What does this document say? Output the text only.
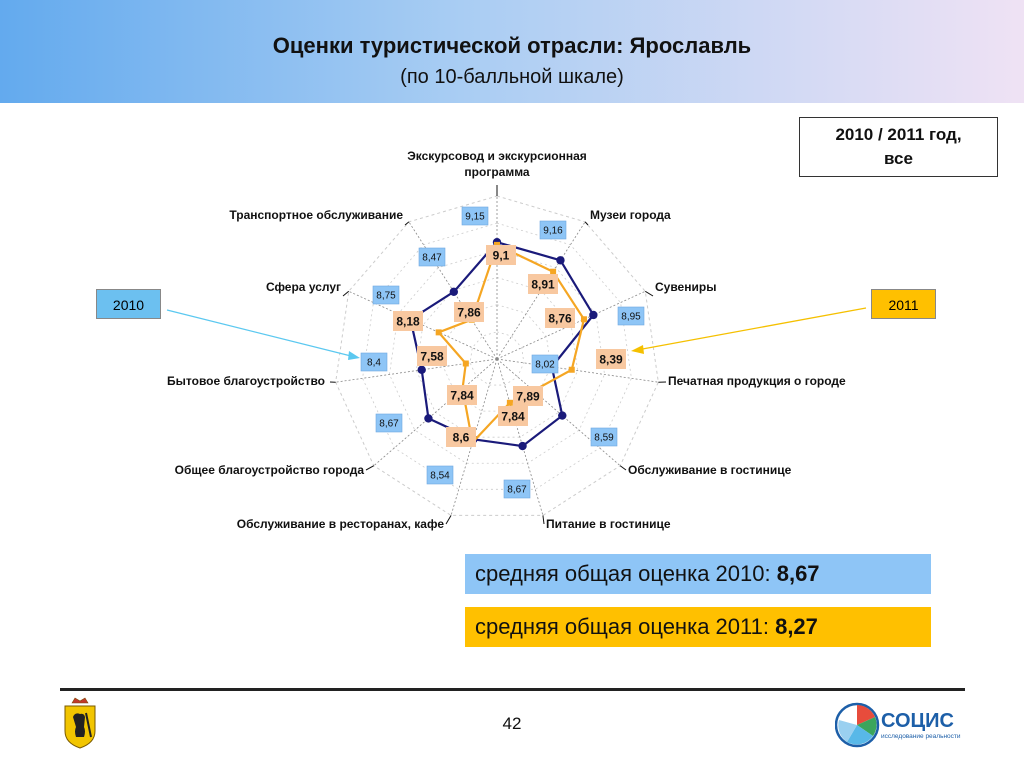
Оценки туристической отрасли: Ярославль
(по 10-балльной шкале)
2010 / 2011 год,
все
2010	2011
Экскурсовод и экскурсионная программа
Музеи города
Сувениры
Печатная продукция о городе
Обслуживание в гостинице
Питание в гостинице
Обслуживание в ресторанах, кафе
Общее благоустройство города
Бытовое благоустройство
Сфера услуг
Транспортное обслуживание	9,15
9,16
8,95
8,02
8,59
8,67
8,54
8,67
8,4
8,75
8,47	9,1
8,91
8,76
8,39
7,89
7,84
8,6
7,84
7,58
8,18
7,86
средняя общая оценка 2010: 8,67
средняя общая оценка 2011: 8,27
42	СОЦИС
исследование реальности
